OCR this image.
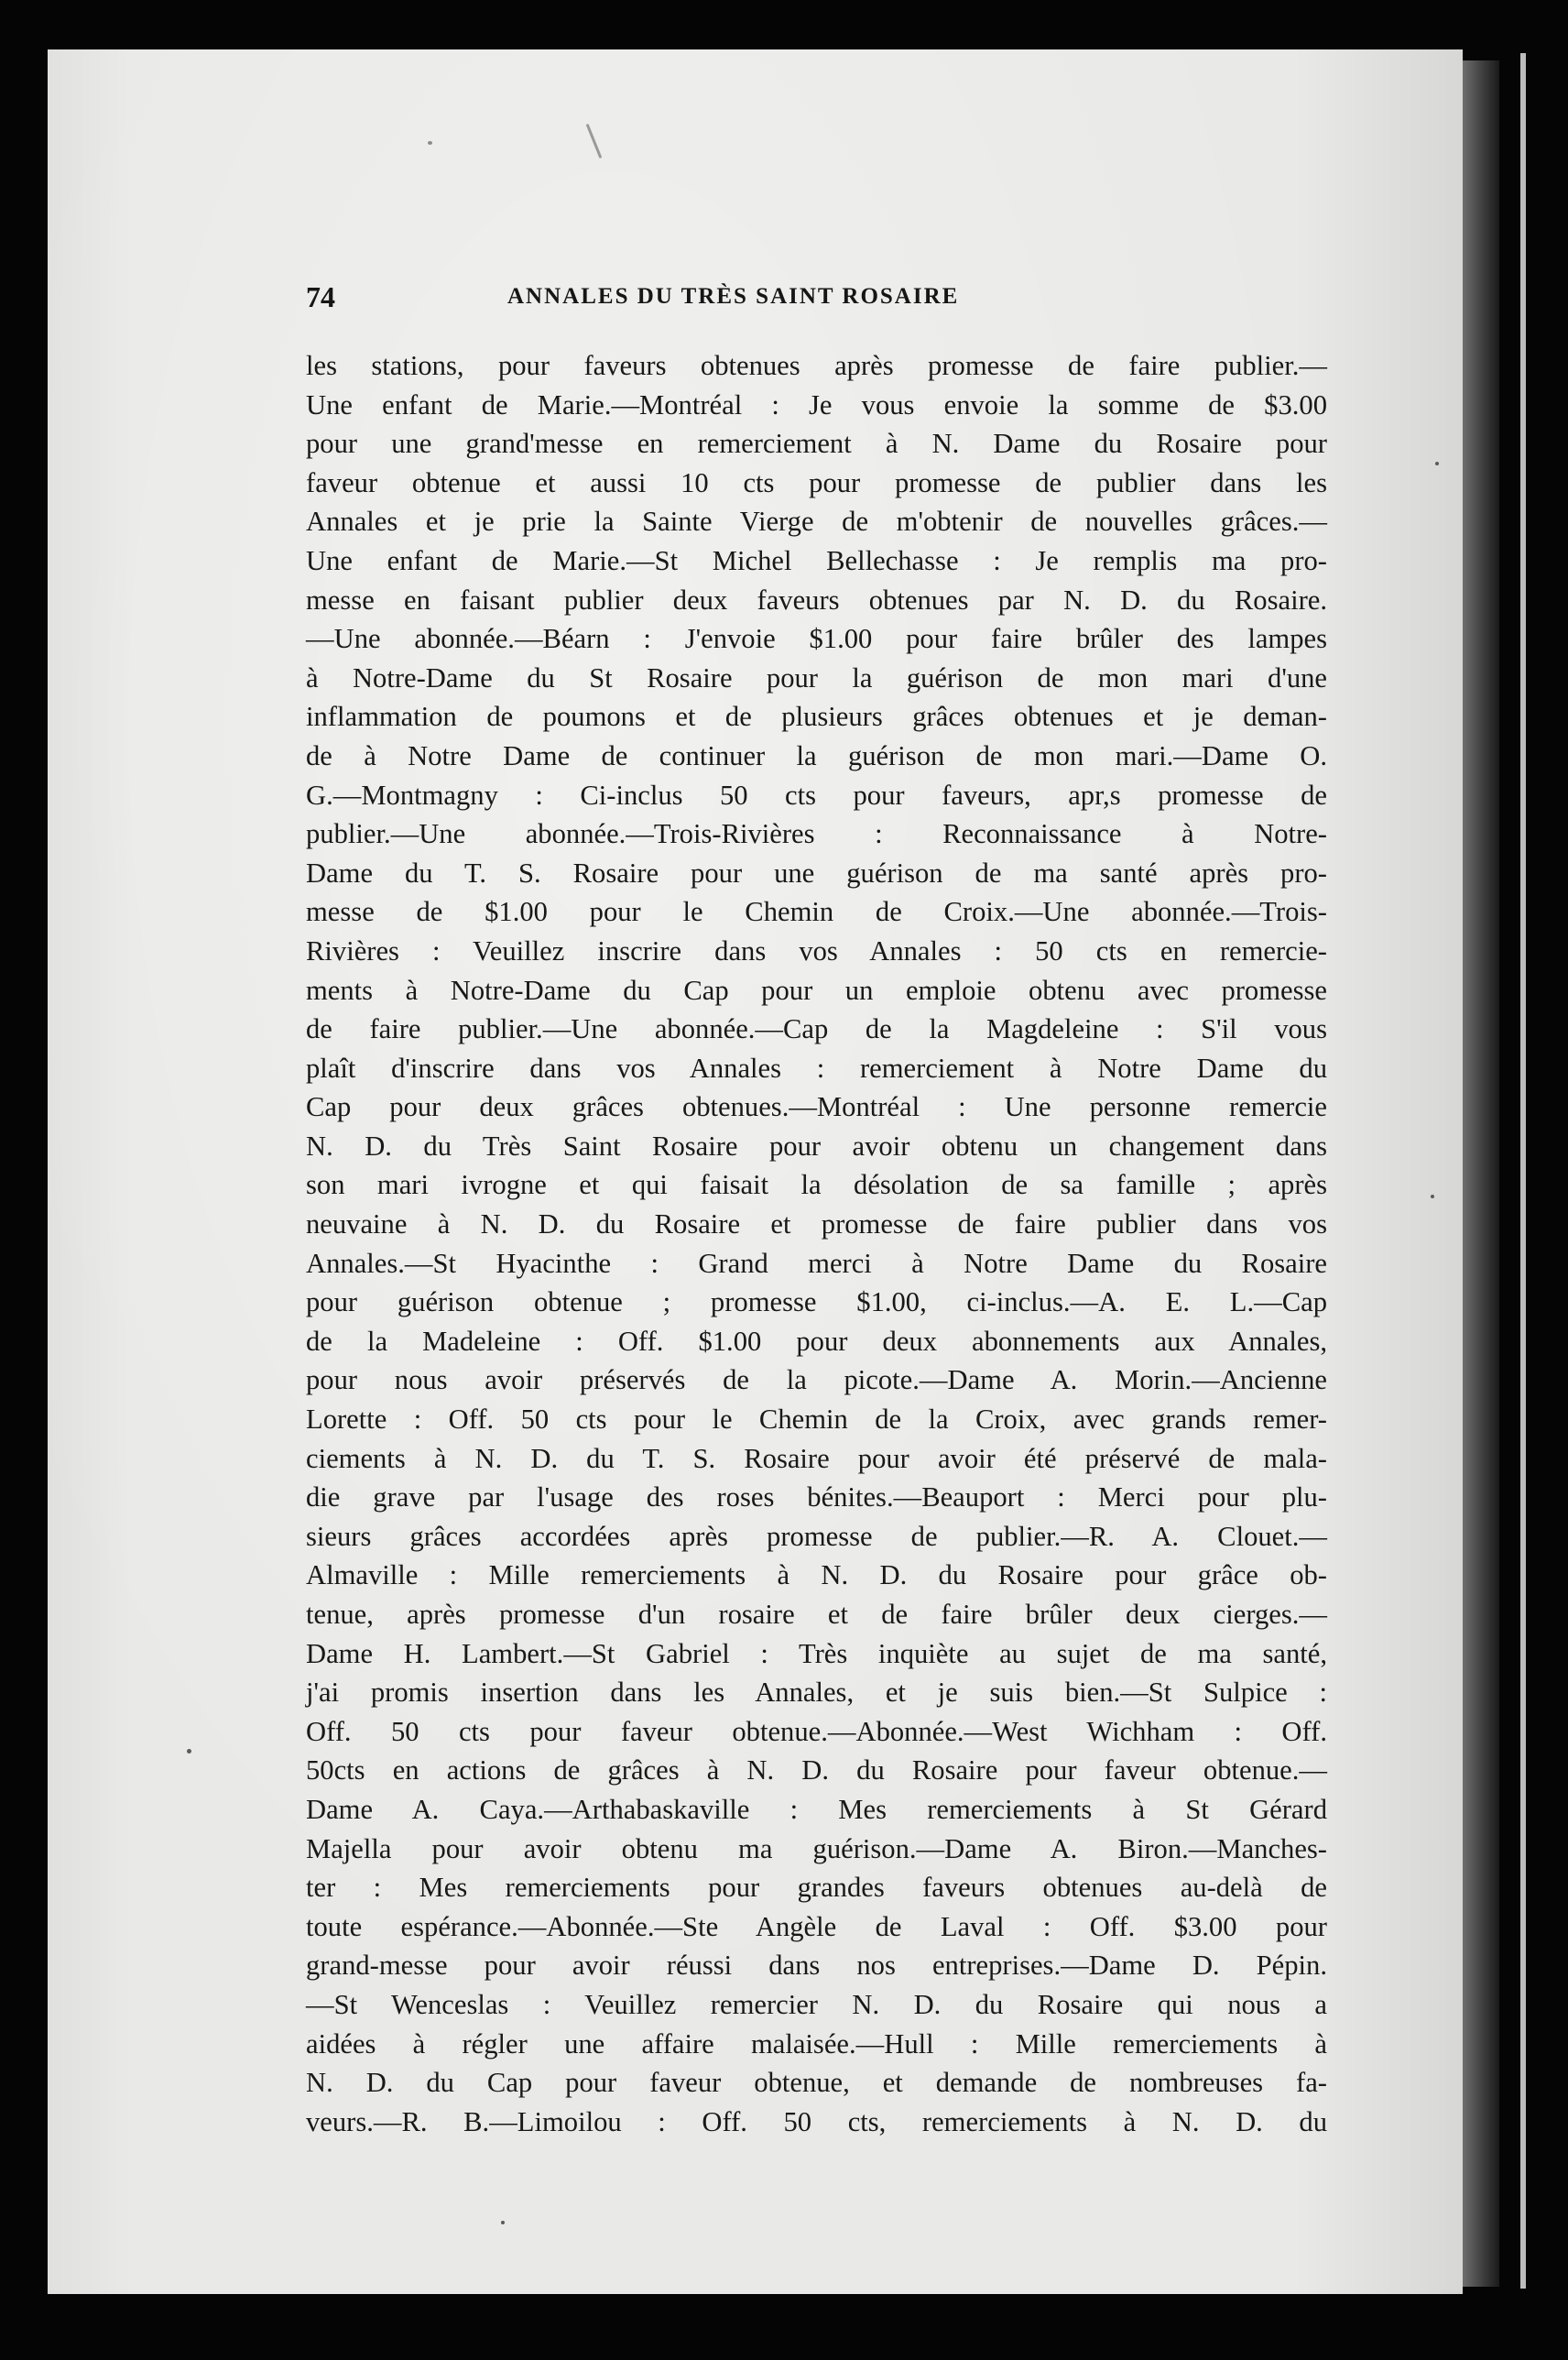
74	ANNALES DU TRÈS SAINT ROSAIRE
les stations, pour faveurs obtenues après promesse de faire publier.—
Une enfant de Marie.—Montréal : Je vous envoie la somme de $3.00
pour une grand'messe en remerciement à N. Dame du Rosaire pour
faveur obtenue et aussi 10 cts pour promesse de publier dans les
Annales et je prie la Sainte Vierge de m'obtenir de nouvelles grâces.—
Une enfant de Marie.—St Michel Bellechasse : Je remplis ma pro-
messe en faisant publier deux faveurs obtenues par N. D. du Rosaire.
—Une abonnée.—Béarn : J'envoie $1.00 pour faire brûler des lampes
à Notre-Dame du St Rosaire pour la guérison de mon mari d'une
inflammation de poumons et de plusieurs grâces obtenues et je deman-
de à Notre Dame de continuer la guérison de mon mari.—Dame O.
G.—Montmagny : Ci-inclus 50 cts pour faveurs, apr,s promesse de
publier.—Une abonnée.—Trois-Rivières : Reconnaissance à Notre-
Dame du T. S. Rosaire pour une guérison de ma santé après pro-
messe de $1.00 pour le Chemin de Croix.—Une abonnée.—Trois-
Rivières : Veuillez inscrire dans vos Annales : 50 cts en remercie-
ments à Notre-Dame du Cap pour un emploie obtenu avec promesse
de faire publier.—Une abonnée.—Cap de la Magdeleine : S'il vous
plaît d'inscrire dans vos Annales : remerciement à Notre Dame du
Cap pour deux grâces obtenues.—Montréal : Une personne remercie
N. D. du Très Saint Rosaire pour avoir obtenu un changement dans
son mari ivrogne et qui faisait la désolation de sa famille ; après
neuvaine à N. D. du Rosaire et promesse de faire publier dans vos
Annales.—St Hyacinthe : Grand merci à Notre Dame du Rosaire
pour guérison obtenue ; promesse $1.00, ci-inclus.—A. E. L.—Cap
de la Madeleine : Off. $1.00 pour deux abonnements aux Annales,
pour nous avoir préservés de la picote.—Dame A. Morin.—Ancienne
Lorette : Off. 50 cts pour le Chemin de la Croix, avec grands remer-
ciements à N. D. du T. S. Rosaire pour avoir été préservé de mala-
die grave par l'usage des roses bénites.—Beauport : Merci pour plu-
sieurs grâces accordées après promesse de publier.—R. A. Clouet.—
Almaville : Mille remerciements à N. D. du Rosaire pour grâce ob-
tenue, après promesse d'un rosaire et de faire brûler deux cierges.—
Dame H. Lambert.—St Gabriel : Très inquiète au sujet de ma santé,
j'ai promis insertion dans les Annales, et je suis bien.—St Sulpice :
Off. 50 cts pour faveur obtenue.—Abonnée.—West Wichham : Off.
50cts en actions de grâces à N. D. du Rosaire pour faveur obtenue.—
Dame A. Caya.—Arthabaskaville : Mes remerciements à St Gérard
Majella pour avoir obtenu ma guérison.—Dame A. Biron.—Manches-
ter : Mes remerciements pour grandes faveurs obtenues au-delà de
toute espérance.—Abonnée.—Ste Angèle de Laval : Off. $3.00 pour
grand-messe pour avoir réussi dans nos entreprises.—Dame D. Pépin.
—St Wenceslas : Veuillez remercier N. D. du Rosaire qui nous a
aidées à régler une affaire malaisée.—Hull : Mille remerciements à
N. D. du Cap pour faveur obtenue, et demande de nombreuses fa-
veurs.—R. B.—Limoilou : Off. 50 cts, remerciements à N. D. du
